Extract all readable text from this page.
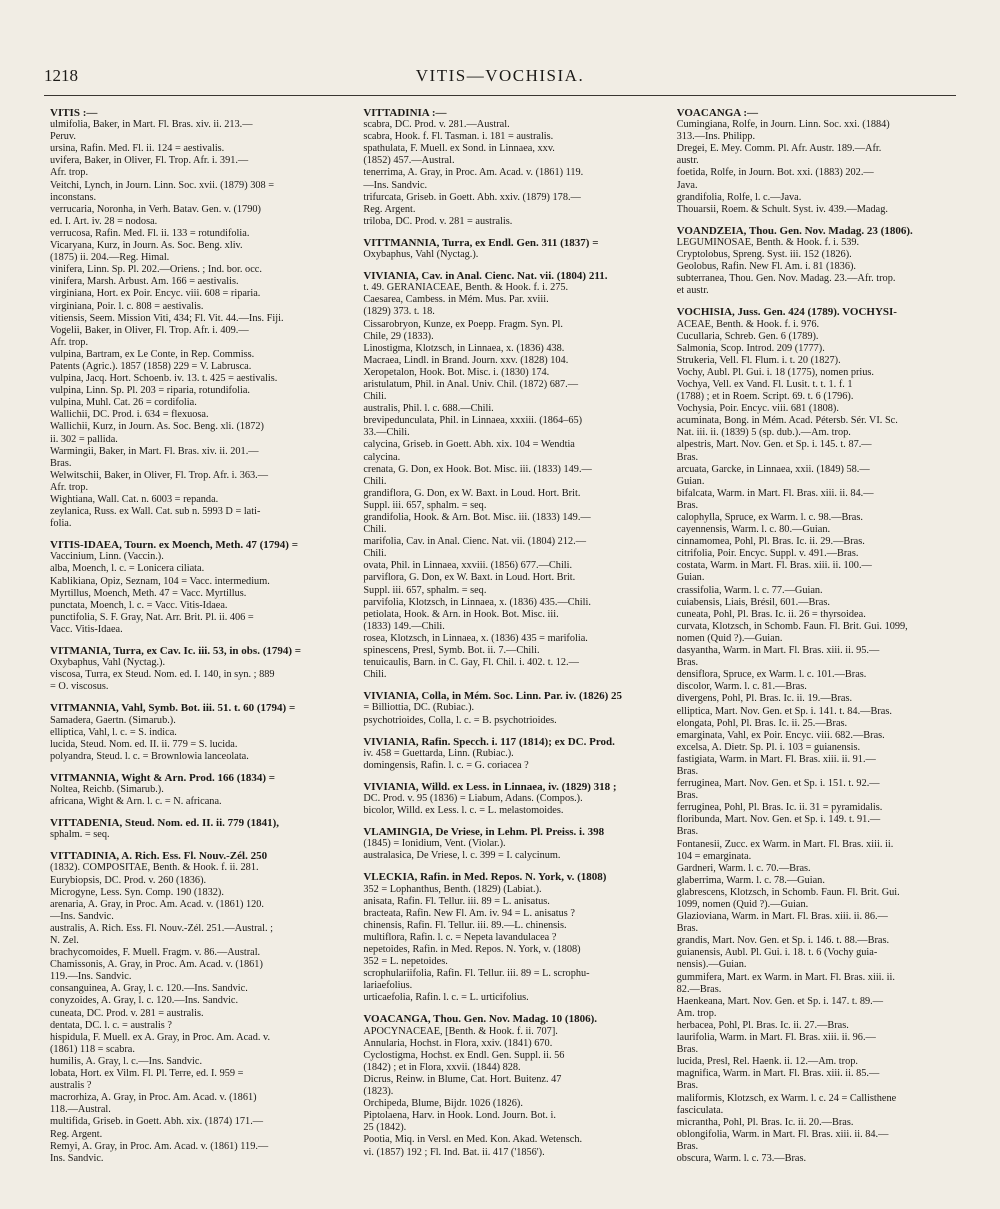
1218	VITIS—VOCHISIA.
VITIS :—
ulmifolia, Baker, in Mart. Fl. Bras. xiv. ii. 213.—
Peruv.
ursina, Rafin. Med. Fl. ii. 124 = aestivalis.
uvifera, Baker, in Oliver, Fl. Trop. Afr. i. 391.—
Afr. trop.
Veitchi, Lynch, in Journ. Linn. Soc. xvii. (1879) 308 =
inconstans.
verrucaria, Noronha, in Verh. Batav. Gen. v. (1790)
ed. I. Art. iv. 28 = nodosa.
verrucosa, Rafin. Med. Fl. ii. 133 = rotundifolia.
Vicaryana, Kurz, in Journ. As. Soc. Beng. xliv.
(1875) ii. 204.—Reg. Himal.
vinifera, Linn. Sp. Pl. 202.—Oriens. ; Ind. bor. occ.
vinifera, Marsh. Arbust. Am. 166 = aestivalis.
virginiana, Hort. ex Poir. Encyc. viii. 608 = riparia.
virginiana, Poir. l. c. 808 = aestivalis.
vitiensis, Seem. Mission Viti, 434; Fl. Vit. 44.—Ins. Fiji.
Vogelii, Baker, in Oliver, Fl. Trop. Afr. i. 409.—
Afr. trop.
vulpina, Bartram, ex Le Conte, in Rep. Commiss.
Patents (Agric.). 1857 (1858) 229 = V. Labrusca.
vulpina, Jacq. Hort. Schoenb. iv. 13. t. 425 = aestivalis.
vulpina, Linn. Sp. Pl. 203 = riparia, rotundifolia.
vulpina, Muhl. Cat. 26 = cordifolia.
Wallichii, DC. Prod. i. 634 = flexuosa.
Wallichii, Kurz, in Journ. As. Soc. Beng. xli. (1872)
ii. 302 = pallida.
Warmingii, Baker, in Mart. Fl. Bras. xiv. ii. 201.—
Bras.
Welwitschii, Baker, in Oliver, Fl. Trop. Afr. i. 363.—
Afr. trop.
Wightiana, Wall. Cat. n. 6003 = repanda.
zeylanica, Russ. ex Wall. Cat. sub n. 5993 D = lati-
folia.
VITIS-IDAEA, Tourn. ex Moench, Meth. 47 (1794) =
Vaccinium, Linn. (Vaccin.).
alba, Moench, l. c. = Lonicera ciliata.
Kablikiana, Opiz, Seznam, 104 = Vacc. intermedium.
Myrtillus, Moench, Meth. 47 = Vacc. Myrtillus.
punctata, Moench, l. c. = Vacc. Vitis-Idaea.
punctifolia, S. F. Gray, Nat. Arr. Brit. Pl. ii. 406 =
Vacc. Vitis-Idaea.
VITMANIA, Turra, ex Cav. Ic. iii. 53, in obs. (1794) =
Oxybaphus, Vahl (Nyctag.).
viscosa, Turra, ex Steud. Nom. ed. I. 140, in syn. ; 889
= O. viscosus.
VITMANNIA, Vahl, Symb. Bot. iii. 51. t. 60 (1794) =
Samadera, Gaertn. (Simarub.).
elliptica, Vahl, l. c. = S. indica.
lucida, Steud. Nom. ed. II. ii. 779 = S. lucida.
polyandra, Steud. l. c. = Brownlowia lanceolata.
VITMANNIA, Wight & Arn. Prod. 166 (1834) =
Noltea, Reichb. (Simarub.).
africana, Wight & Arn. l. c. = N. africana.
VITTADENIA, Steud. Nom. ed. II. ii. 779 (1841),
sphalm. = seq.
VITTADINIA, A. Rich. Ess. Fl. Nouv.-Zél. 250
(1832). COMPOSITAE, Benth. & Hook. f. ii. 281.
Eurybiopsis, DC. Prod. v. 260 (1836).
Microgyne, Less. Syn. Comp. 190 (1832).
arenaria, A. Gray, in Proc. Am. Acad. v. (1861) 120.
—Ins. Sandvic.
australis, A. Rich. Ess. Fl. Nouv.-Zél. 251.—Austral. ;
N. Zel.
brachycomoides, F. Muell. Fragm. v. 86.—Austral.
Chamissonis, A. Gray, in Proc. Am. Acad. v. (1861)
119.—Ins. Sandvic.
consanguinea, A. Gray, l. c. 120.—Ins. Sandvic.
conyzoides, A. Gray, l. c. 120.—Ins. Sandvic.
cuneata, DC. Prod. v. 281 = australis.
dentata, DC. l. c. = australis ?
hispidula, F. Muell. ex A. Gray, in Proc. Am. Acad. v.
(1861) 118 = scabra.
humilis, A. Gray, l. c.—Ins. Sandvic.
lobata, Hort. ex Vilm. Fl. Pl. Terre, ed. I. 959 =
australis ?
macrorhiza, A. Gray, in Proc. Am. Acad. v. (1861)
118.—Austral.
multifida, Griseb. in Goett. Abh. xix. (1874) 171.—
Reg. Argent.
Remyi, A. Gray, in Proc. Am. Acad. v. (1861) 119.—
Ins. Sandvic.
VITTADINIA :—
scabra, DC. Prod. v. 281.—Austral.
scabra, Hook. f. Fl. Tasman. i. 181 = australis.
spathulata, F. Muell. ex Sond. in Linnaea, xxv.
(1852) 457.—Austral.
tenerrima, A. Gray, in Proc. Am. Acad. v. (1861) 119.
—Ins. Sandvic.
trifurcata, Griseb. in Goett. Abh. xxiv. (1879) 178.—
Reg. Argent.
triloba, DC. Prod. v. 281 = australis.
VITTMANNIA, Turra, ex Endl. Gen. 311 (1837) =
Oxybaphus, Vahl (Nyctag.).
VIVIANIA, Cav. in Anal. Cienc. Nat. vii. (1804) 211.
t. 49. GERANIACEAE, Benth. & Hook. f. i. 275.
Caesarea, Cambess. in Mém. Mus. Par. xviii.
(1829) 373. t. 18.
Cissarobryon, Kunze, ex Poepp. Fragm. Syn. Pl.
Chile, 29 (1833).
Linostigma, Klotzsch, in Linnaea, x. (1836) 438.
Macraea, Lindl. in Brand. Journ. xxv. (1828) 104.
Xeropetalon, Hook. Bot. Misc. i. (1830) 174.
aristulatum, Phil. in Anal. Univ. Chil. (1872) 687.—
Chili.
australis, Phil. l. c. 688.—Chili.
brevipedunculata, Phil. in Linnaea, xxxiii. (1864–65)
33.—Chili.
calycina, Griseb. in Goett. Abh. xix. 104 = Wendtia
calycina.
crenata, G. Don, ex Hook. Bot. Misc. iii. (1833) 149.—
Chili.
grandiflora, G. Don, ex W. Baxt. in Loud. Hort. Brit.
Suppl. iii. 657, sphalm. = seq.
grandifolia, Hook. & Arn. Bot. Misc. iii. (1833) 149.—
Chili.
marifolia, Cav. in Anal. Cienc. Nat. vii. (1804) 212.—
Chili.
ovata, Phil. in Linnaea, xxviii. (1856) 677.—Chili.
parviflora, G. Don, ex W. Baxt. in Loud. Hort. Brit.
Suppl. iii. 657, sphalm. = seq.
parvifolia, Klotzsch, in Linnaea, x. (1836) 435.—Chili.
petiolata, Hook. & Arn. in Hook. Bot. Misc. iii.
(1833) 149.—Chili.
rosea, Klotzsch, in Linnaea, x. (1836) 435 = marifolia.
spinescens, Presl, Symb. Bot. ii. 7.—Chili.
tenuicaulis, Barn. in C. Gay, Fl. Chil. i. 402. t. 12.—
Chili.
VIVIANIA, Colla, in Mém. Soc. Linn. Par. iv. (1826) 25
= Billiottia, DC. (Rubiac.).
psychotrioides, Colla, l. c. = B. psychotrioides.
VIVIANIA, Rafin. Specch. i. 117 (1814); ex DC. Prod.
iv. 458 = Guettarda, Linn. (Rubiac.).
domingensis, Rafin. l. c. = G. coriacea ?
VIVIANIA, Willd. ex Less. in Linnaea, iv. (1829) 318 ;
DC. Prod. v. 95 (1836) = Liabum, Adans. (Compos.).
bicolor, Willd. ex Less. l. c. = L. melastomoides.
VLAMINGIA, De Vriese, in Lehm. Pl. Preiss. i. 398
(1845) = Ionidium, Vent. (Violar.).
australasica, De Vriese, l. c. 399 = I. calycinum.
VLECKIA, Rafin. in Med. Repos. N. York, v. (1808)
352 = Lophanthus, Benth. (1829) (Labiat.).
anisata, Rafin. Fl. Tellur. iii. 89 = L. anisatus.
bracteata, Rafin. New Fl. Am. iv. 94 = L. anisatus ?
chinensis, Rafin. Fl. Tellur. iii. 89.—L. chinensis.
multiflora, Rafin. l. c. = Nepeta lavandulacea ?
nepetoides, Rafin. in Med. Repos. N. York, v. (1808)
352 = L. nepetoides.
scrophulariifolia, Rafin. Fl. Tellur. iii. 89 = L. scrophu-
lariaefolius.
urticaefolia, Rafin. l. c. = L. urticifolius.
VOACANGA, Thou. Gen. Nov. Madag. 10 (1806).
APOCYNACEAE, [Benth. & Hook. f. ii. 707].
Annularia, Hochst. in Flora, xxiv. (1841) 670.
Cyclostigma, Hochst. ex Endl. Gen. Suppl. ii. 56
(1842) ; et in Flora, xxvii. (1844) 828.
Dicrus, Reinw. in Blume, Cat. Hort. Buitenz. 47
(1823).
Orchipeda, Blume, Bijdr. 1026 (1826).
Piptolaena, Harv. in Hook. Lond. Journ. Bot. i.
25 (1842).
Pootia, Miq. in Versl. en Med. Kon. Akad. Wetensch.
vi. (1857) 192 ; Fl. Ind. Bat. ii. 417 ('1856').
VOACANGA :—
Cumingiana, Rolfe, in Journ. Linn. Soc. xxi. (1884)
313.—Ins. Philipp.
Dregei, E. Mey. Comm. Pl. Afr. Austr. 189.—Afr.
austr.
foetida, Rolfe, in Journ. Bot. xxi. (1883) 202.—
Java.
grandifolia, Rolfe, l. c.—Java.
Thouarsii, Roem. & Schult. Syst. iv. 439.—Madag.
VOANDZEIA, Thou. Gen. Nov. Madag. 23 (1806).
LEGUMINOSAE, Benth. & Hook. f. i. 539.
Cryptolobus, Spreng. Syst. iii. 152 (1826).
Geolobus, Rafin. New Fl. Am. i. 81 (1836).
subterranea, Thou. Gen. Nov. Madag. 23.—Afr. trop.
et austr.
VOCHISIA, Juss. Gen. 424 (1789). VOCHYSI-
ACEAE, Benth. & Hook. f. i. 976.
Cucullaria, Schreb. Gen. 6 (1789).
Salmonia, Scop. Introd. 209 (1777).
Strukeria, Vell. Fl. Flum. i. t. 20 (1827).
Vochy, Aubl. Pl. Gui. i. 18 (1775), nomen prius.
Vochya, Vell. ex Vand. Fl. Lusit. t. t. 1. f. 1
(1788) ; et in Roem. Script. 69. t. 6 (1796).
Vochysia, Poir. Encyc. viii. 681 (1808).
acuminata, Bong. in Mém. Acad. Pétersb. Sér. VI. Sc.
Nat. iii. ii. (1839) 5 (sp. dub.).—Am. trop.
alpestris, Mart. Nov. Gen. et Sp. i. 145. t. 87.—
Bras.
arcuata, Garcke, in Linnaea, xxii. (1849) 58.—
Guian.
bifalcata, Warm. in Mart. Fl. Bras. xiii. ii. 84.—
Bras.
calophylla, Spruce, ex Warm. l. c. 98.—Bras.
cayennensis, Warm. l. c. 80.—Guian.
cinnamomea, Pohl, Pl. Bras. Ic. ii. 29.—Bras.
citrifolia, Poir. Encyc. Suppl. v. 491.—Bras.
costata, Warm. in Mart. Fl. Bras. xiii. ii. 100.—
Guian.
crassifolia, Warm. l. c. 77.—Guian.
cuiabensis, Liais, Brésil, 601.—Bras.
cuneata, Pohl, Pl. Bras. Ic. ii. 26 = thyrsoidea.
curvata, Klotzsch, in Schomb. Faun. Fl. Brit. Gui. 1099,
nomen (Quid ?).—Guian.
dasyantha, Warm. in Mart. Fl. Bras. xiii. ii. 95.—
Bras.
densiflora, Spruce, ex Warm. l. c. 101.—Bras.
discolor, Warm. l. c. 81.—Bras.
divergens, Pohl, Pl. Bras. Ic. ii. 19.—Bras.
elliptica, Mart. Nov. Gen. et Sp. i. 141. t. 84.—Bras.
elongata, Pohl, Pl. Bras. Ic. ii. 25.—Bras.
emarginata, Vahl, ex Poir. Encyc. viii. 682.—Bras.
excelsa, A. Dietr. Sp. Pl. i. 103 = guianensis.
fastigiata, Warm. in Mart. Fl. Bras. xiii. ii. 91.—
Bras.
ferruginea, Mart. Nov. Gen. et Sp. i. 151. t. 92.—
Bras.
ferruginea, Pohl, Pl. Bras. Ic. ii. 31 = pyramidalis.
floribunda, Mart. Nov. Gen. et Sp. i. 149. t. 91.—
Bras.
Fontanesii, Zucc. ex Warm. in Mart. Fl. Bras. xiii. ii.
104 = emarginata.
Gardneri, Warm. l. c. 70.—Bras.
glaberrima, Warm. l. c. 78.—Guian.
glabrescens, Klotzsch, in Schomb. Faun. Fl. Brit. Gui.
1099, nomen (Quid ?).—Guian.
Glazioviana, Warm. in Mart. Fl. Bras. xiii. ii. 86.—
Bras.
grandis, Mart. Nov. Gen. et Sp. i. 146. t. 88.—Bras.
guianensis, Aubl. Pl. Gui. i. 18. t. 6 (Vochy guia-
nensis).—Guian.
gummifera, Mart. ex Warm. in Mart. Fl. Bras. xiii. ii.
82.—Bras.
Haenkeana, Mart. Nov. Gen. et Sp. i. 147. t. 89.—
Am. trop.
herbacea, Pohl, Pl. Bras. Ic. ii. 27.—Bras.
laurifolia, Warm. in Mart. Fl. Bras. xiii. ii. 96.—
Bras.
lucida, Presl, Rel. Haenk. ii. 12.—Am. trop.
magnifica, Warm. in Mart. Fl. Bras. xiii. ii. 85.—
Bras.
maliformis, Klotzsch, ex Warm. l. c. 24 = Callisthene
fasciculata.
micrantha, Pohl, Pl. Bras. Ic. ii. 20.—Bras.
oblongifolia, Warm. in Mart. Fl. Bras. xiii. ii. 84.—
Bras.
obscura, Warm. l. c. 73.—Bras.
